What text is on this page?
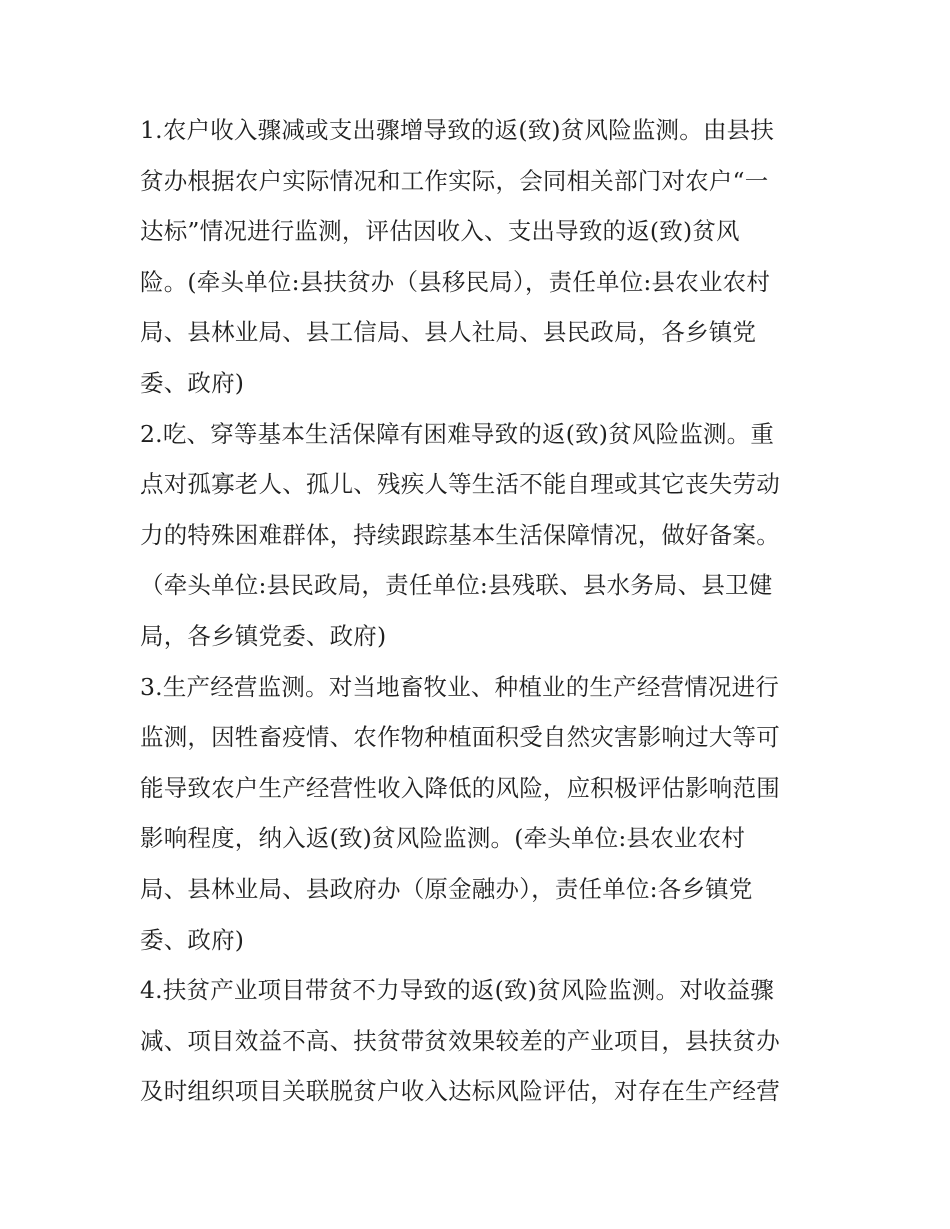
1.农户收入骤减或支出骤增导致的返(致)贫风险监测。由县扶
贫办根据农户实际情况和工作实际，会同相关部门对农户“一
达标”情况进行监测，评估因收入、支出导致的返(致)贫风
险。(牵头单位:县扶贫办（县移民局），责任单位:县农业农村
局、县林业局、县工信局、县人社局、县民政局，各乡镇党
委、政府)
2.吃、穿等基本生活保障有困难导致的返(致)贫风险监测。重
点对孤寡老人、孤儿、残疾人等生活不能自理或其它丧失劳动
力的特殊困难群体，持续跟踪基本生活保障情况，做好备案。
（牵头单位:县民政局，责任单位:县残联、县水务局、县卫健
局，各乡镇党委、政府)
3.生产经营监测。对当地畜牧业、种植业的生产经营情况进行
监测，因牲畜疫情、农作物种植面积受自然灾害影响过大等可
能导致农户生产经营性收入降低的风险，应积极评估影响范围
影响程度，纳入返(致)贫风险监测。(牵头单位:县农业农村
局、县林业局、县政府办（原金融办），责任单位:各乡镇党
委、政府)
4.扶贫产业项目带贫不力导致的返(致)贫风险监测。对收益骤
减、项目效益不高、扶贫带贫效果较差的产业项目，县扶贫办
及时组织项目关联脱贫户收入达标风险评估，对存在生产经营
